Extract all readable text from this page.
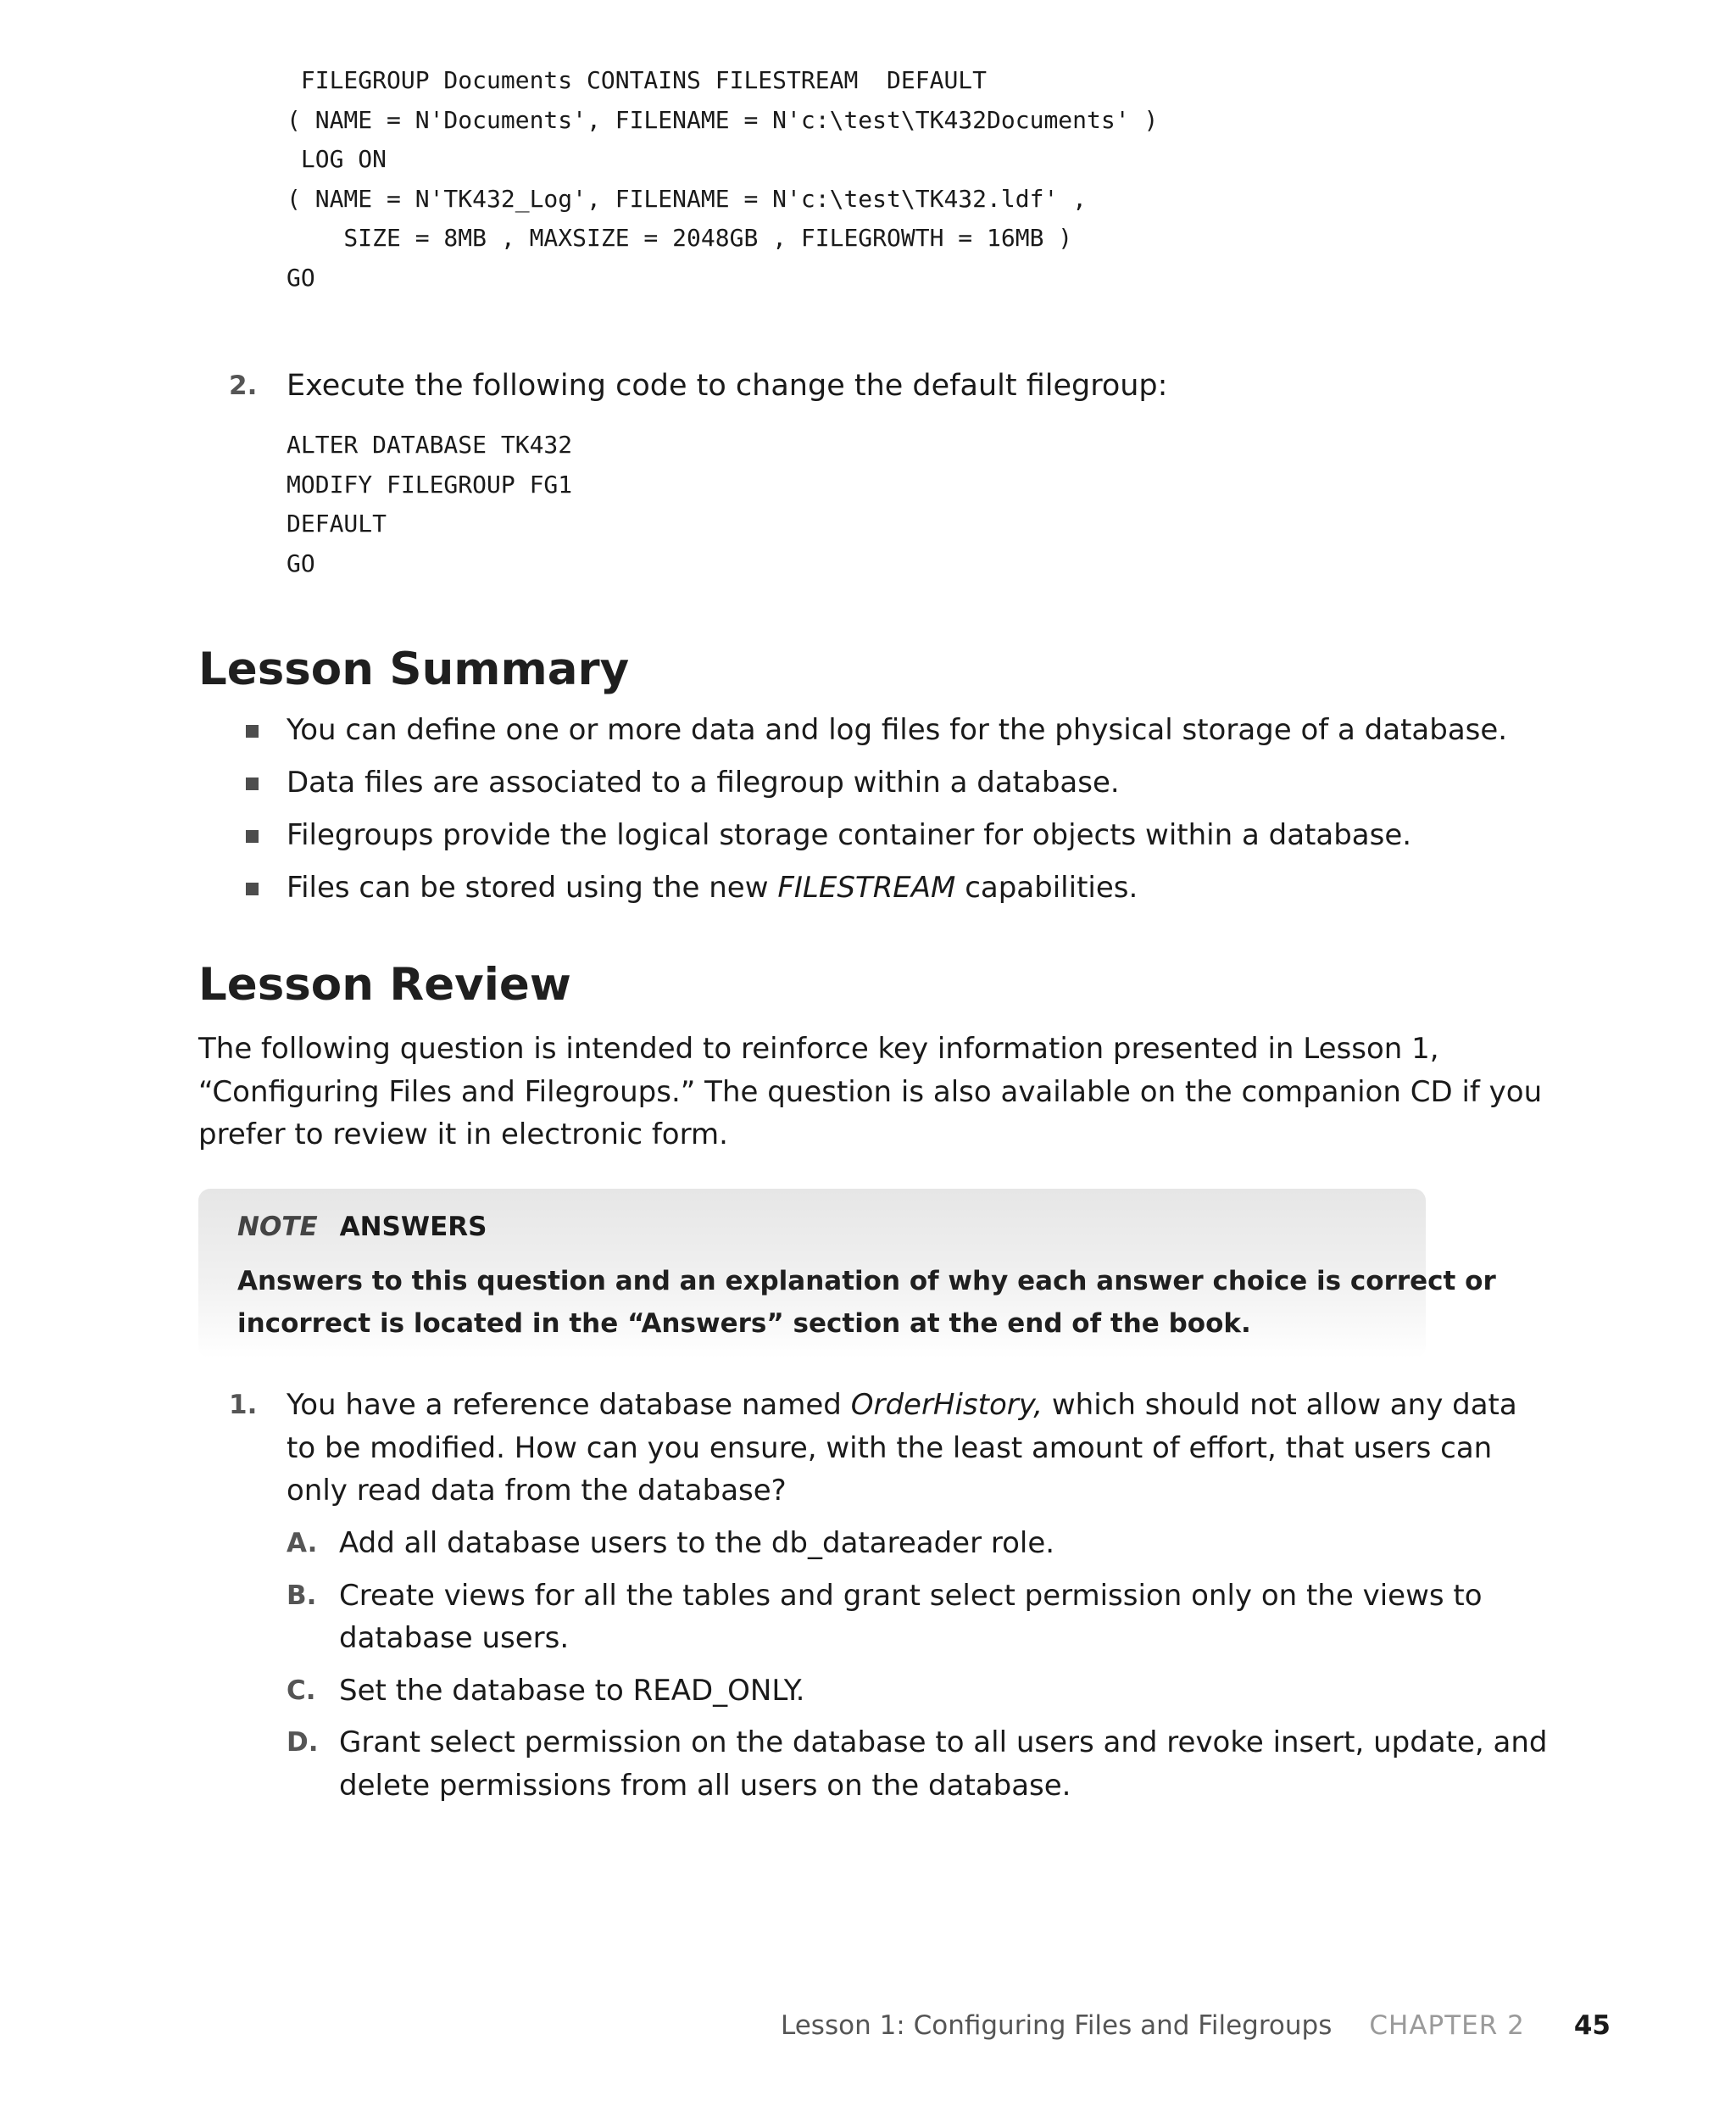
FILEGROUP Documents CONTAINS FILESTREAM  DEFAULT
( NAME = N'Documents', FILENAME = N'c:\test\TK432Documents' )
LOG ON
( NAME = N'TK432_Log', FILENAME = N'c:\test\TK432.ldf' ,
SIZE = 8MB , MAXSIZE = 2048GB , FILEGROWTH = 16MB )
GO
2. Execute the following code to change the default filegroup:
ALTER DATABASE TK432
MODIFY FILEGROUP FG1
DEFAULT
GO
Lesson Summary
You can define one or more data and log files for the physical storage of a database.
Data files are associated to a filegroup within a database.
Filegroups provide the logical storage container for objects within a database.
Files can be stored using the new FILESTREAM capabilities.
Lesson Review

The following question is intended to reinforce key information presented in Lesson 1,
“Configuring Files and Filegroups.” The question is also available on the companion CD if you
prefer to review it in electronic form.

NOTE ANSWERS
Answers to this question and an explanation of why each answer choice is correct or
incorrect is located in the “Answers” section at the end of the book.
1. You have a reference database named OrderHistory, which should not allow any data
to be modified. How can you ensure, with the least amount of effort, that users can
only read data from the database?
A. Add all database users to the db_datareader role.
B. Create views for all the tables and grant select permission only on the views to
database users.
C. Set the database to READ_ONLY.
D. Grant select permission on the database to all users and revoke insert, update, and
delete permissions from all users on the database.
Lesson 1: Configuring Files and Filegroups CHAPTER 2 45
